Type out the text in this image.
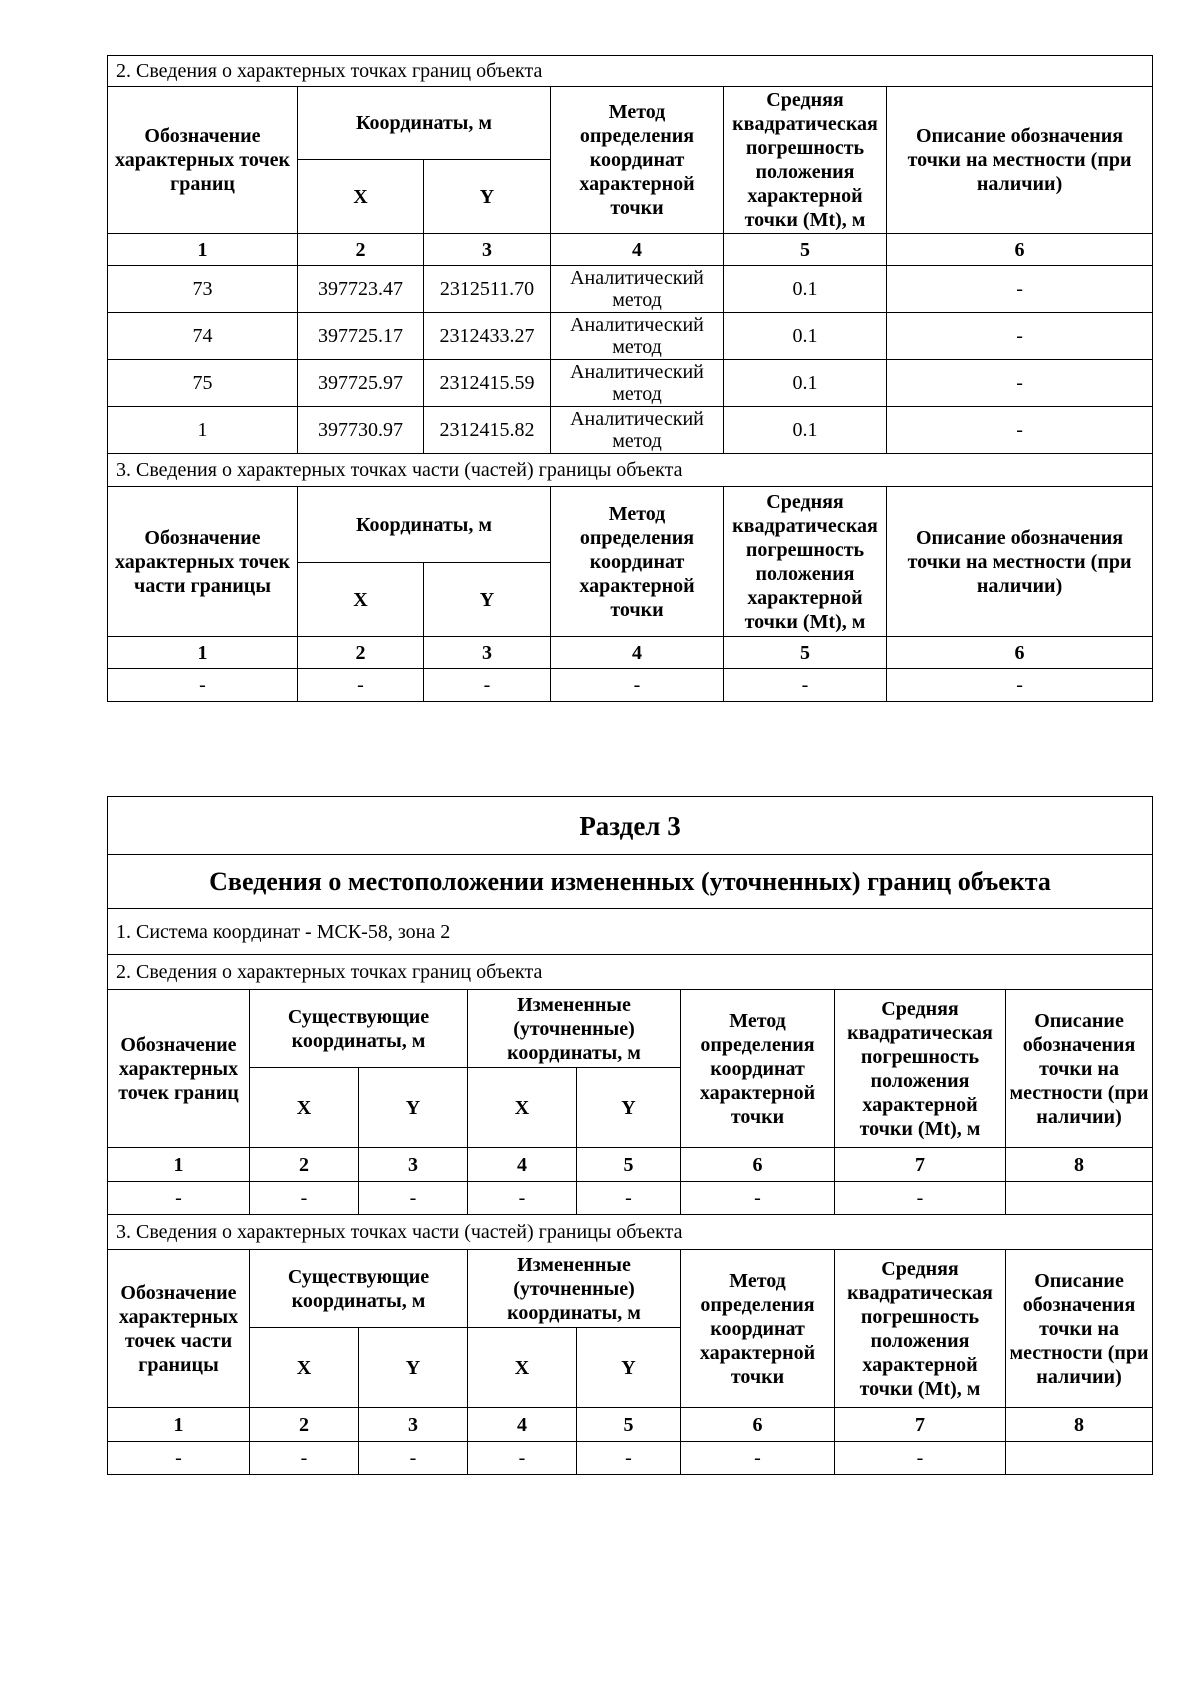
2. Сведения о характерных точках границ объекта					
Обозначение характерных точек границ	Координаты, м		Метод определения координат характерной точки	Средняя квадратическая погрешность положения характерной точки (Mt), м	Описание обозначения точки на местности (при наличии)
	X	Y			
1	2	3	4	5	6
73	397723.47	2312511.70	Аналитический метод	0.1	-
74	397725.17	2312433.27	Аналитический метод	0.1	-
75	397725.97	2312415.59	Аналитический метод	0.1	-
1	397730.97	2312415.82	Аналитический метод	0.1	-
3. Сведения о характерных точках части (частей) границы объекта					
Обозначение характерных точек части границы	Координаты, м		Метод определения координат характерной точки	Средняя квадратическая погрешность положения характерной точки (Mt), м	Описание обозначения точки на местности (при наличии)
	X	Y			
1	2	3	4	5	6
-	-	-	-	-	-
Раздел 3							
Сведения о местоположении измененных (уточненных) границ объекта							
1. Система координат - МСК-58, зона 2							
2. Сведения о характерных точках границ объекта							
Обозначение характерных точек границ	Существующие координаты, м		Измененные (уточненные) координаты, м		Метод определения координат характерной точки	Средняя квадратическая погрешность положения характерной точки (Mt), м	Описание обозначения точки на местности (при наличии)
	X	Y	X	Y			
1	2	3	4	5	6	7	8
-	-	-	-	-	-	-	
3. Сведения о характерных точках части (частей) границы объекта							
Обозначение характерных точек части границы	Существующие координаты, м		Измененные (уточненные) координаты, м		Метод определения координат характерной точки	Средняя квадратическая погрешность положения характерной точки (Mt), м	Описание обозначения точки на местности (при наличии)
	X	Y	X	Y			
1	2	3	4	5	6	7	8
-	-	-	-	-	-	-	
